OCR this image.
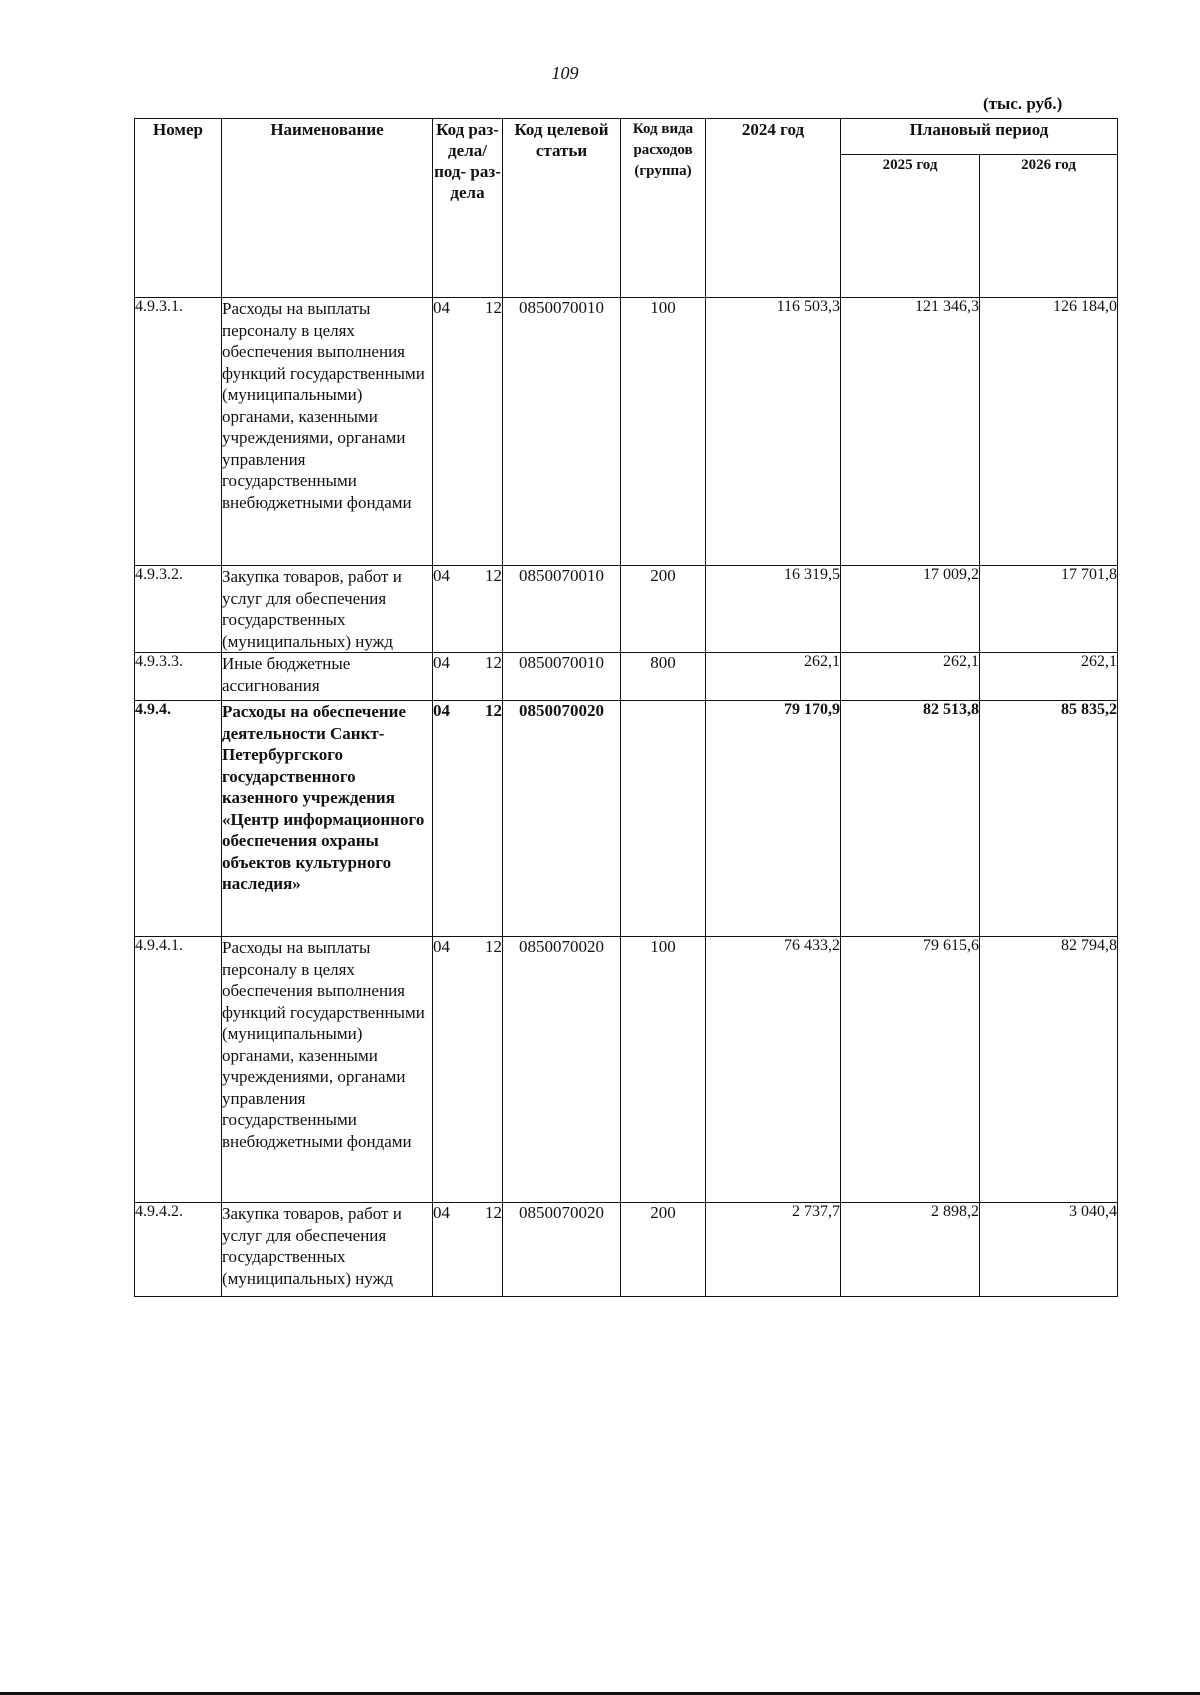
109
(тыс. руб.)
Номер	Наименование	Код раз- дела/ под- раз- дела	Код целевой статьи	Код вида расходов (группа)	2024 год	Плановый период	
						2025 год	2026 год
4.9.3.1.	Расходы на выплаты персоналу в целях обеспечения выполнения функций государственными (муниципальными) органами, казенными учреждениями, органами управления государственными внебюджетными фондами	04 12	0850070010	100	116 503,3	121 346,3	126 184,0
4.9.3.2.	Закупка товаров, работ и услуг для обеспечения государственных (муниципальных) нужд	04 12	0850070010	200	16 319,5	17 009,2	17 701,8
4.9.3.3.	Иные бюджетные ассигнования	04 12	0850070010	800	262,1	262,1	262,1
4.9.4.	Расходы на обеспечение деятельности Санкт-Петербургского государственного казенного учреждения «Центр информационного обеспечения охраны объектов культурного наследия»	04 12	0850070020		79 170,9	82 513,8	85 835,2
4.9.4.1.	Расходы на выплаты персоналу в целях обеспечения выполнения функций государственными (муниципальными) органами, казенными учреждениями, органами управления государственными внебюджетными фондами	04 12	0850070020	100	76 433,2	79 615,6	82 794,8
4.9.4.2.	Закупка товаров, работ и услуг для обеспечения государственных (муниципальных) нужд	04 12	0850070020	200	2 737,7	2 898,2	3 040,4
